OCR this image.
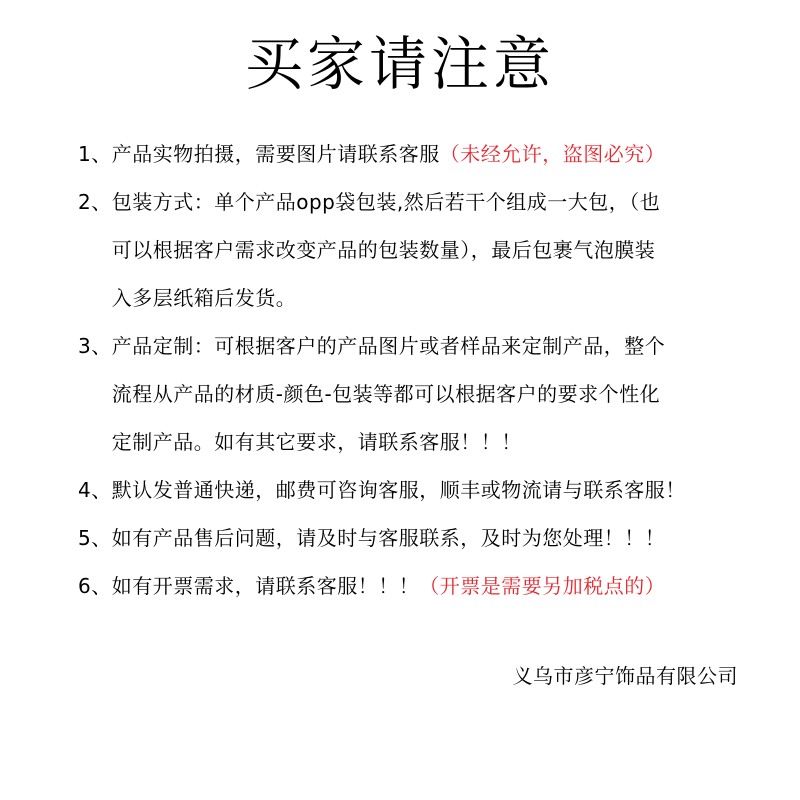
买家请注意
1、 产品实物拍摄，需要图片请联系客服（未经允许，盗图必究）
2、 包装方式：单个产品opp袋包装,然后若干个组成一大包，（也
可以根据客户需求改变产品的包装数量），最后包裹气泡膜装
入多层纸箱后发货。
3、 产品定制：可根据客户的产品图片或者样品来定制产品，整个
流程从产品的材质-颜色-包装等都可以根据客户的要求个性化
定制产品。如有其它要求，请联系客服！！！
4、 默认发普通快递，邮费可咨询客服，顺丰或物流请与联系客服！
5、 如有产品售后问题，请及时与客服联系，及时为您处理！！！
6、 如有开票需求，请联系客服！！！（开票是需要另加税点的）
义乌市彦宁饰品有限公司
